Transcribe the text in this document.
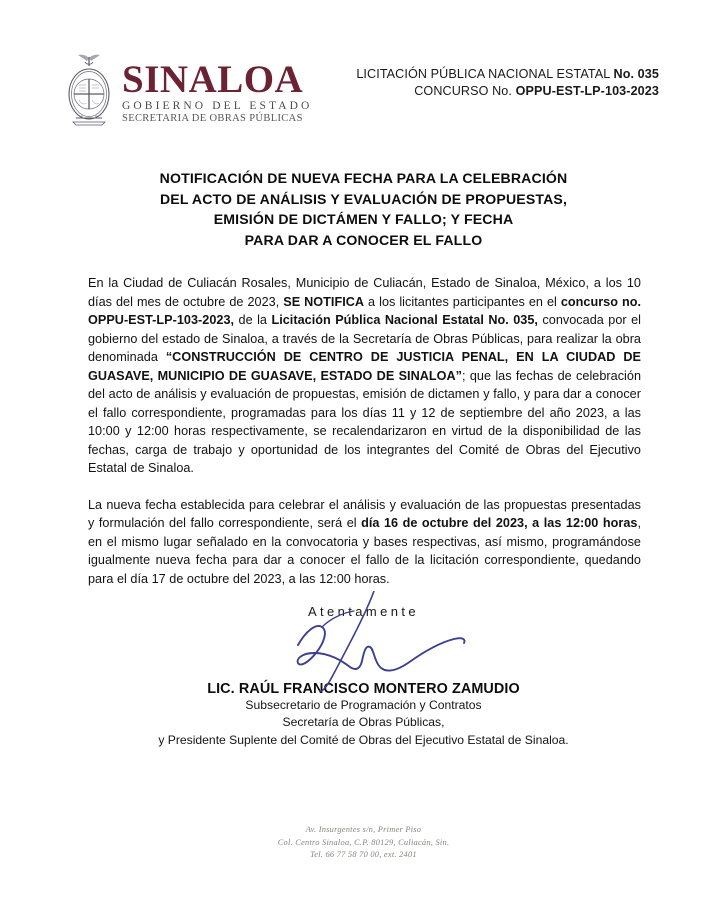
SINALOA
GOBIERNO DEL ESTADO
SECRETARIA DE OBRAS PÚBLICAS
LICITACIÓN PÚBLICA NACIONAL ESTATAL No. 035
CONCURSO No. OPPU-EST-LP-103-2023
NOTIFICACIÓN DE NUEVA FECHA PARA LA CELEBRACIÓN
DEL ACTO DE ANÁLISIS Y EVALUACIÓN DE PROPUESTAS,
EMISIÓN DE DICTÁMEN Y FALLO; Y FECHA
PARA DAR A CONOCER EL FALLO

En la Ciudad de Culiacán Rosales, Municipio de Culiacán, Estado de Sinaloa, México, a los 10 días del mes de octubre de 2023, SE NOTIFICA a los licitantes participantes en el concurso no. OPPU-EST-LP-103-2023, de la Licitación Pública Nacional Estatal No. 035, convocada por el gobierno del estado de Sinaloa, a través de la Secretaría de Obras Públicas, para realizar la obra denominada “CONSTRUCCIÓN DE CENTRO DE JUSTICIA PENAL, EN LA CIUDAD DE GUASAVE, MUNICIPIO DE GUASAVE, ESTADO DE SINALOA”; que las fechas de celebración del acto de análisis y evaluación de propuestas, emisión de dictamen y fallo, y para dar a conocer el fallo correspondiente, programadas para los días 11 y 12 de septiembre del año 2023, a las 10:00 y 12:00 horas respectivamente, se recalendarizaron en virtud de la disponibilidad de las fechas, carga de trabajo y oportunidad de los integrantes del Comité de Obras del Ejecutivo Estatal de Sinaloa.

La nueva fecha establecida para celebrar el análisis y evaluación de las propuestas presentadas y formulación del fallo correspondiente, será el día 16 de octubre del 2023, a las 12:00 horas, en el mismo lugar señalado en la convocatoria y bases respectivas, así mismo, programándose igualmente nueva fecha para dar a conocer el fallo de la licitación correspondiente, quedando para el día 17 de octubre del 2023, a las 12:00 horas.

Atentamente
LIC. RAÚL FRANCISCO MONTERO ZAMUDIO
Subsecretario de Programación y Contratos
Secretaría de Obras Públicas,
y Presidente Suplente del Comité de Obras del Ejecutivo Estatal de Sinaloa.
Av. Insurgentes s/n, Primer Piso
Col. Centro Sinaloa, C.P. 80129, Culiacán, Sin.
Tel. 66 77 58 70 00, ext. 2401
